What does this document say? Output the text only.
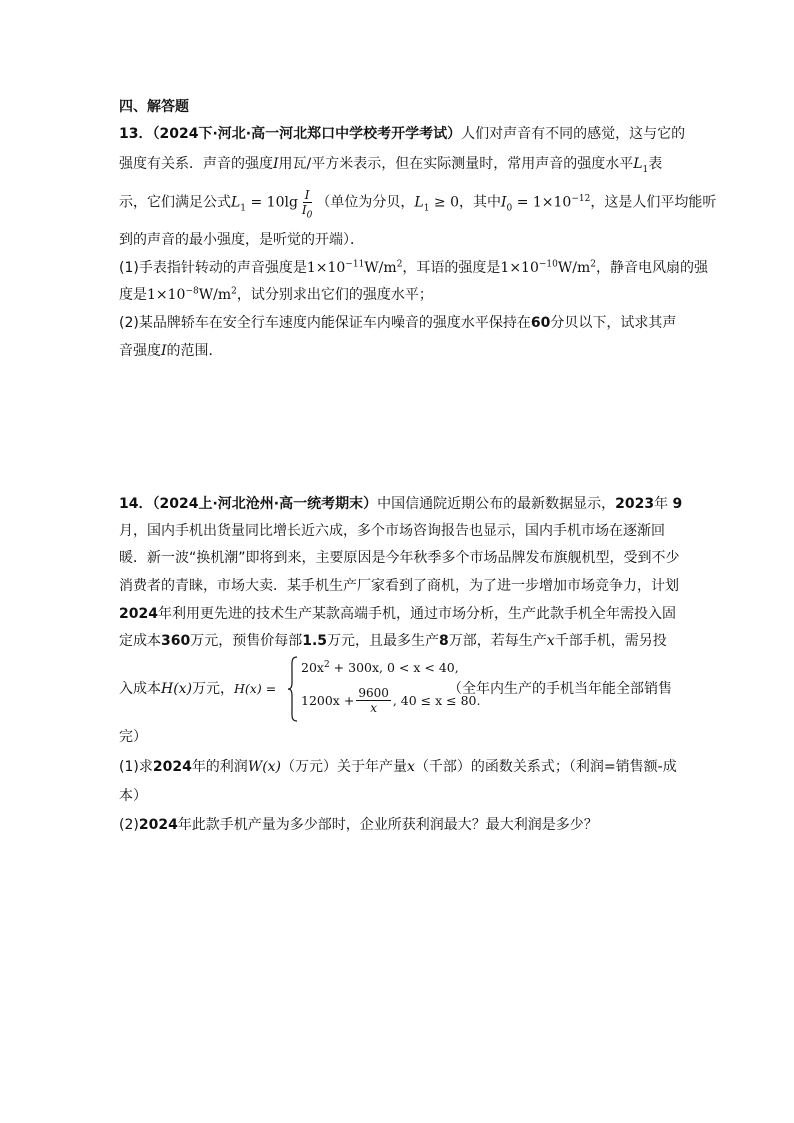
四、解答题
13．（2024下·河北·高一河北郑口中学校考开学考试）人们对声音有不同的感觉，这与它的
强度有关系．声音的强度I用瓦/平方米表示，但在实际测量时，常用声音的强度水平$L_1$表
示，它们满足公式$L_1 = 10\lg \frac{I}{I_0}$ （单位为分贝，$L_1 \ge 0$，其中$I_0 = 1\times 10^{-12}$，这是人们平均能听
到的声音的最小强度，是听觉的开端）．
(1)手表指针转动的声音强度是$1\times 10^{-11}W/m^2$，耳语的强度是$1\times 10^{-10}W/m^2$，静音电风扇的强
度是$1\times 10^{-8}W/m^2$，试分别求出它们的强度水平；
(2)某品牌轿车在安全行车速度内能保证车内噪音的强度水平保持在60分贝以下，试求其声
音强度I的范围．
14．（2024上·河北沧州·高一统考期末）中国信通院近期公布的最新数据显示，2023年 9
月，国内手机出货量同比增长近六成，多个市场咨询报告也显示，国内手机市场在逐渐回
暖．新一波“换机潮”即将到来，主要原因是今年秋季多个市场品牌发布旗舰机型，受到不少
消费者的青睐，市场大卖．某手机生产厂家看到了商机，为了进一步增加市场竞争力，计划
2024年利用更先进的技术生产某款高端手机，通过市场分析，生产此款手机全年需投入固
定成本360万元，预售价每部1.5万元，且最多生产8万部，若每生产x千部手机，需另投
入成本H(x)万元，H(x) =
$20x^2 + 300x$, 0 < x < 40,
$1200x + \frac{9600}{x}$ , 40 ≤ x ≤ 80.
（全年内生产的手机当年能全部销售
完）
(1)求2024年的利润W(x)（万元）关于年产量x（千部）的函数关系式；（利润=销售额-成
本）
(2)2024年此款手机产量为多少部时，企业所获利润最大？最大利润是多少？
